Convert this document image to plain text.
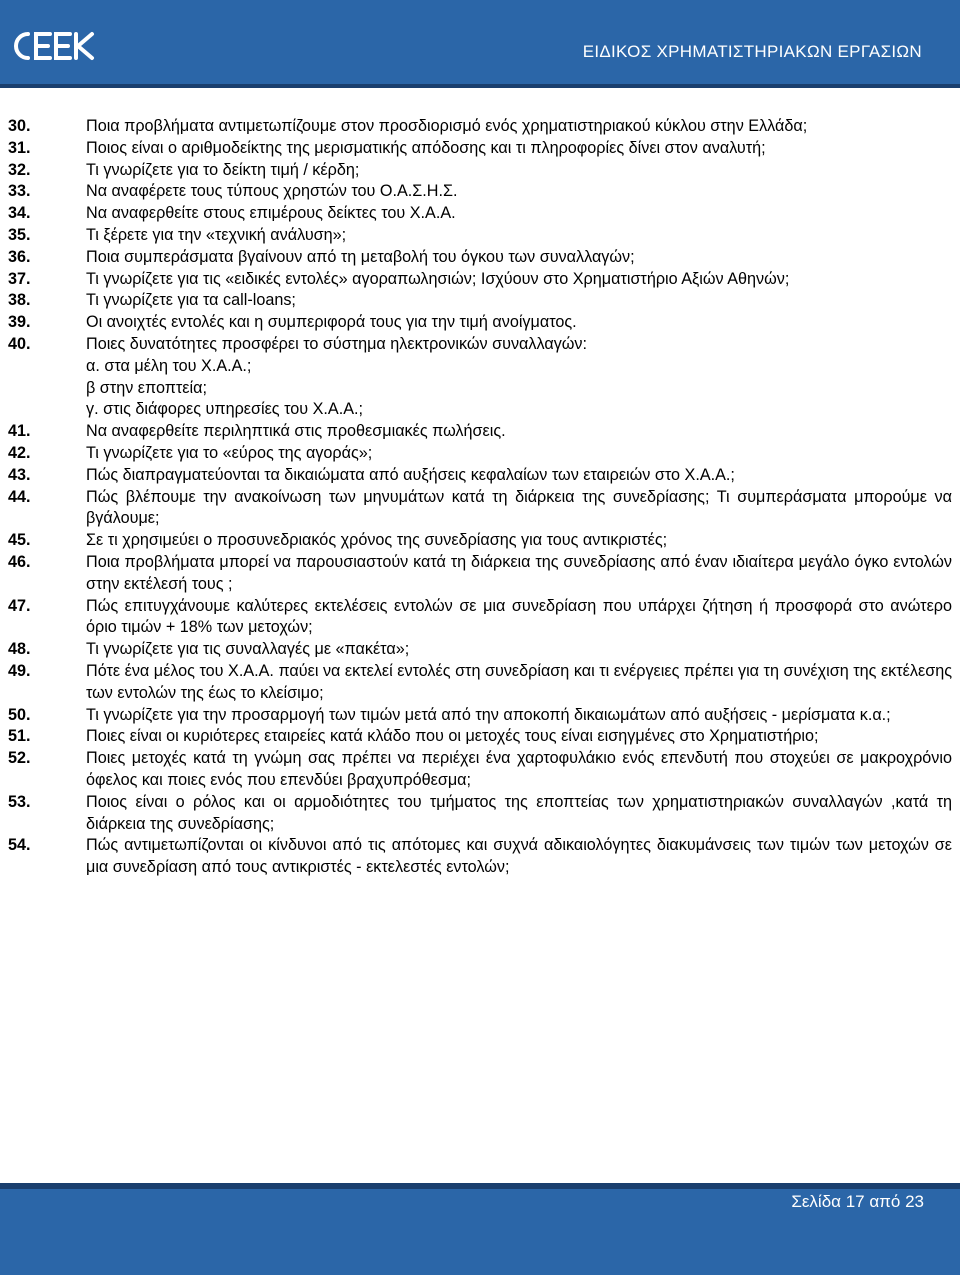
ΕΙΔΙΚΟΣ ΧΡΗΜΑΤΙΣΤΗΡΙΑΚΩΝ ΕΡΓΑΣΙΩΝ
30.	Ποια προβλήματα αντιμετωπίζουμε στον προσδιορισμό ενός χρηματιστηριακού κύκλου στην Ελλάδα;
31.	Ποιος είναι ο αριθμοδείκτης της μερισματικής απόδοσης και τι πληροφορίες δίνει στον αναλυτή;
32.	Τι γνωρίζετε για το δείκτη τιμή / κέρδη;
33.	Να αναφέρετε τους τύπους χρηστών του Ο.Α.Σ.Η.Σ.
34.	Να αναφερθείτε στους επιμέρους δείκτες του Χ.Α.Α.
35.	Τι ξέρετε για την «τεχνική ανάλυση»;
36.	Ποια συμπεράσματα βγαίνουν από τη μεταβολή του όγκου των συναλλαγών;
37.	Τι γνωρίζετε για τις «ειδικές εντολές» αγοραπωλησιών; Ισχύουν στο Χρηματιστήριο Αξιών Αθηνών;
38.	Τι γνωρίζετε για τα call-loans;
39.	Οι ανοιχτές εντολές και η συμπεριφορά τους για την τιμή ανοίγματος.
40.	Ποιες δυνατότητες προσφέρει το σύστημα ηλεκτρονικών συναλλαγών:
α. στα μέλη του Χ.Α.Α.;
β στην εποπτεία;
γ. στις διάφορες υπηρεσίες του Χ.Α.Α.;
41.	Να αναφερθείτε περιληπτικά στις προθεσμιακές πωλήσεις.
42.	Τι γνωρίζετε για το «εύρος της αγοράς»;
43.	Πώς διαπραγματεύονται τα δικαιώματα από αυξήσεις κεφαλαίων των εταιρειών στο Χ.Α.Α.;
44.	Πώς βλέπουμε την ανακοίνωση των μηνυμάτων κατά τη διάρκεια της συνεδρίασης; Τι συμπεράσματα μπορούμε να βγάλουμε;
45.	Σε τι χρησιμεύει ο προσυνεδριακός χρόνος της συνεδρίασης για τους αντικριστές;
46.	Ποια προβλήματα μπορεί να παρουσιαστούν κατά τη διάρκεια της συνεδρίασης από έναν ιδιαίτερα μεγάλο όγκο εντολών στην εκτέλεσή τους ;
47.	Πώς επιτυγχάνουμε καλύτερες εκτελέσεις εντολών σε μια συνεδρίαση που υπάρχει ζήτηση ή προσφορά στο ανώτερο όριο τιμών + 18% των μετοχών;
48.	Τι γνωρίζετε για τις συναλλαγές με «πακέτα»;
49.	Πότε ένα μέλος του Χ.Α.Α. παύει να εκτελεί εντολές στη συνεδρίαση και τι ενέργειες πρέπει για τη συνέχιση της εκτέλεσης των εντολών της έως το κλείσιμο;
50.	Τι γνωρίζετε για την προσαρμογή των τιμών μετά από την αποκοπή δικαιωμάτων από αυξήσεις - μερίσματα κ.α.;
51.	Ποιες είναι οι κυριότερες εταιρείες κατά κλάδο που οι μετοχές τους είναι εισηγμένες στο Χρηματιστήριο;
52.	Ποιες μετοχές κατά τη γνώμη σας πρέπει να περιέχει ένα χαρτοφυλάκιο ενός επενδυτή που στοχεύει σε μακροχρόνιο όφελος και ποιες ενός που επενδύει βραχυπρόθεσμα;
53.	Ποιος είναι ο ρόλος και οι αρμοδιότητες του τμήματος της εποπτείας των χρηματιστηριακών συναλλαγών ,κατά τη διάρκεια της συνεδρίασης;
54.	Πώς αντιμετωπίζονται οι κίνδυνοι από τις απότομες και συχνά αδικαιολόγητες διακυμάνσεις των τιμών των μετοχών σε μια συνεδρίαση από τους αντικριστές - εκτελεστές εντολών;
Σελίδα 17 από 23
